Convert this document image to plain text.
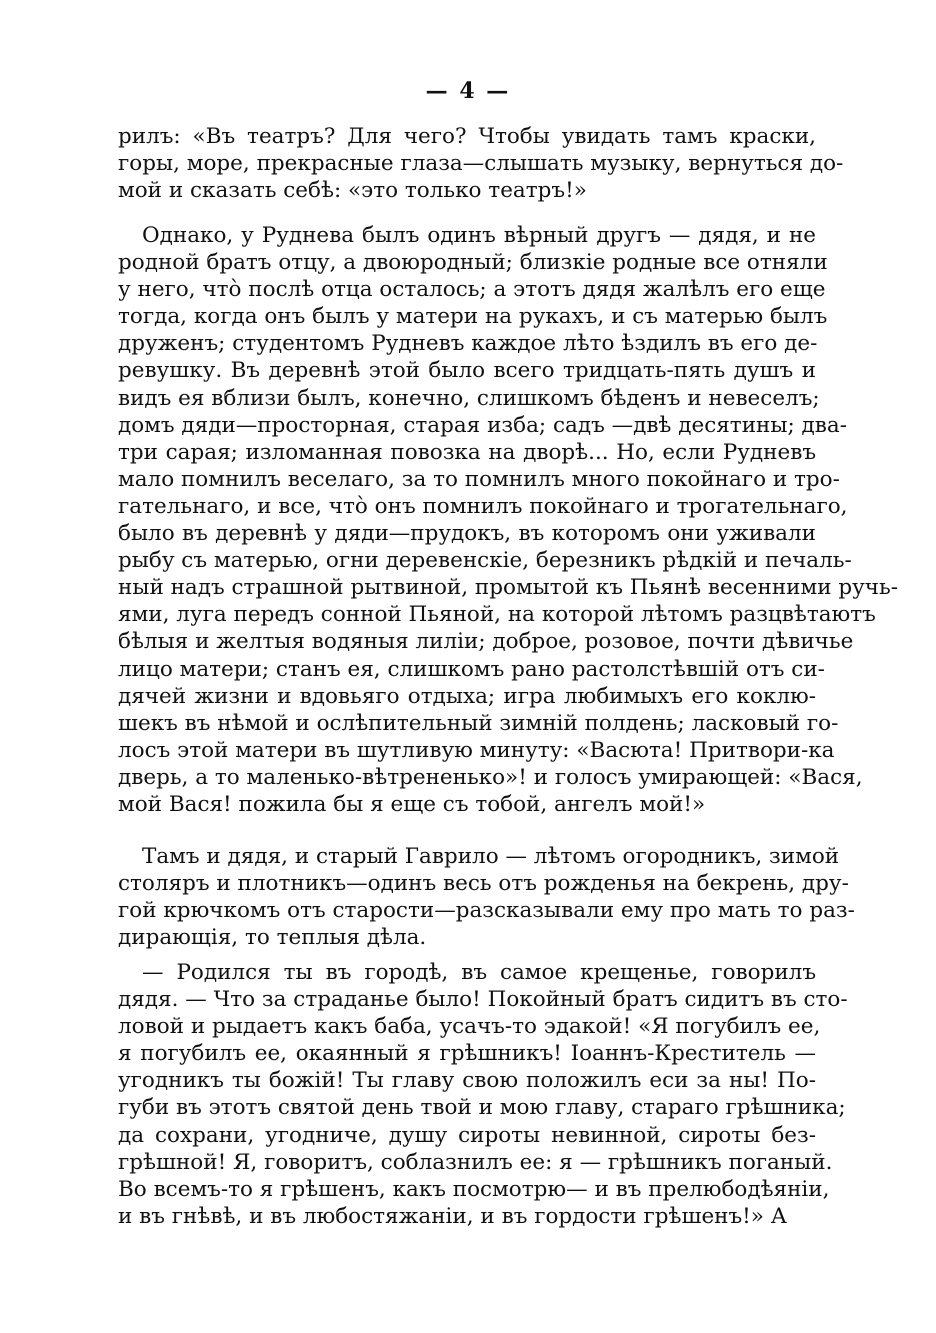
— 4 —
рилъ: «Въ театръ? Для чего? Чтобы увидать тамъ краски,
горы, море, прекрасные глаза—слышать музыку, вернуться до-
мой и сказать себѣ: «это только театръ!»
Однако, у Руднева былъ одинъ вѣрный другъ — дядя, и не
родной братъ отцу, а двоюродный; близкіе родные все отняли
у него, что̀ послѣ отца осталось; а этотъ дядя жалѣлъ его еще
тогда, когда онъ былъ у матери на рукахъ, и съ матерью былъ
друженъ; студентомъ Рудневъ каждое лѣто ѣздилъ въ его де-
ревушку. Въ деревнѣ этой было всего тридцать-пять душъ и
видъ ея вблизи былъ, конечно, слишкомъ бѣденъ и невеселъ;
домъ дяди—просторная, старая изба; садъ —двѣ десятины; два-
три сарая; изломанная повозка на дворѣ... Но, если Рудневъ
мало помнилъ веселаго, за то помнилъ много покойнаго и тро-
гательнаго, и все, что̀ онъ помнилъ покойнаго и трогательнаго,
было въ деревнѣ у дяди—прудокъ, въ которомъ они уживали
рыбу съ матерью, огни деревенскіе, березникъ рѣдкій и печаль-
ный надъ страшной рытвиной, промытой къ Пьянѣ весенними ручь-
ями, луга передъ сонной Пьяной, на которой лѣтомъ разцвѣтаютъ
бѣлыя и желтыя водяныя лиліи; доброе, розовое, почти дѣвичье
лицо матери; станъ ея, слишкомъ рано растолстѣвшій отъ си-
дячей жизни и вдовьяго отдыха; игра любимыхъ его коклю-
шекъ въ нѣмой и ослѣпительный зимній полдень; ласковый го-
лосъ этой матери въ шутливую минуту: «Васюта! Притвори-ка
дверь, а то маленько-вѣтрененько»! и голосъ умирающей: «Вася,
мой Вася! пожила бы я еще съ тобой, ангелъ мой!»
Тамъ и дядя, и старый Гаврило — лѣтомъ огородникъ, зимой
столяръ и плотникъ—одинъ весь отъ рожденья на бекрень, дру-
гой крючкомъ отъ старости—разсказывали ему про мать то раз-
дирающія, то теплыя дѣла.
— Родился ты въ городѣ, въ самое крещенье, говорилъ
дядя. — Что за страданье было! Покойный братъ сидитъ въ сто-
ловой и рыдаетъ какъ баба, усачъ-то эдакой! «Я погубилъ ее,
я погубилъ ее, окаянный я грѣшникъ! Іоаннъ-Креститель —
угодникъ ты божій! Ты главу свою положилъ еси за ны! По-
губи въ этотъ святой день твой и мою главу, стараго грѣшника;
да сохрани, угодниче, душу сироты невинной, сироты без-
грѣшной! Я, говоритъ, соблазнилъ ее: я — грѣшникъ поганый.
Во всемъ-то я грѣшенъ, какъ посмотрю— и въ прелюбодѣяніи,
и въ гнѣвѣ, и въ любостяжаніи, и въ гордости грѣшенъ!» А
